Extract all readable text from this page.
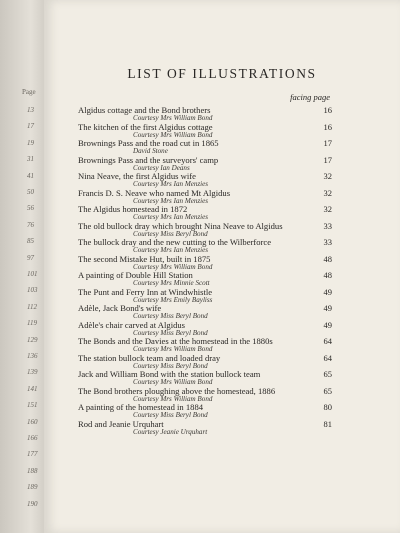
Page
13
17
19
31
41
50
56
76
85
97
101
103
112
119
129
136
139
141
151
160
166
177
188
189
190
LIST OF ILLUSTRATIONS
facing page
Algidus cottage and the Bond brothers
Courtesy Mrs William Bond
16
The kitchen of the first Algidus cottage
Courtesy Mrs William Bond
16
Brownings Pass and the road cut in 1865
David Stone
17
Brownings Pass and the surveyors' camp
Courtesy Ian Deans
17
Nina Neave, the first Algidus wife
Courtesy Mrs Ian Menzies
32
Francis D. S. Neave who named Mt Algidus
Courtesy Mrs Ian Menzies
32
The Algidus homestead in 1872
Courtesy Mrs Ian Menzies
32
The old bullock dray which brought Nina Neave to Algidus
Courtesy Miss Beryl Bond
33
The bullock dray and the new cutting to the Wilberforce
Courtesy Mrs Ian Menzies
33
The second Mistake Hut, built in 1875
Courtesy Mrs William Bond
48
A painting of Double Hill Station
Courtesy Mrs Minnie Scott
48
The Punt and Ferry Inn at Windwhistle
Courtesy Mrs Emily Bayliss
49
Adèle, Jack Bond's wife
Courtesy Miss Beryl Bond
49
Adèle's chair carved at Algidus
Courtesy Miss Beryl Bond
49
The Bonds and the Davies at the homestead in the 1880s
Courtesy Mrs William Bond
64
The station bullock team and loaded dray
Courtesy Miss Beryl Bond
64
Jack and William Bond with the station bullock team
Courtesy Mrs William Bond
65
The Bond brothers ploughing above the homestead, 1886
Courtesy Mrs William Bond
65
A painting of the homestead in 1884
Courtesy Miss Beryl Bond
80
Rod and Jeanie Urquhart
Courtesy Jeanie Urquhart
81
